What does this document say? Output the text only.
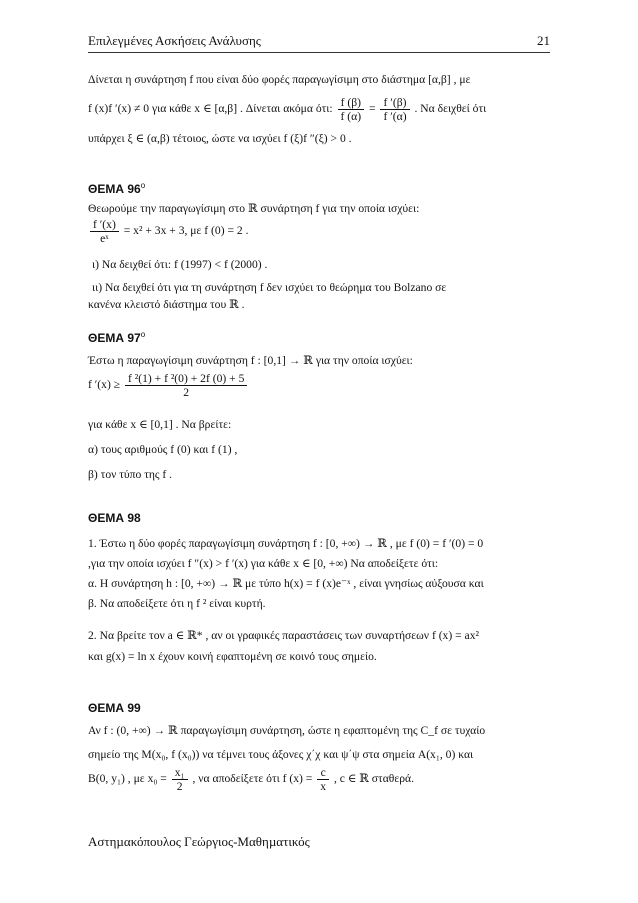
Επιλεγμένες Ασκήσεις Ανάλυσης	21
Δίνεται η συνάρτηση f που είναι δύο φορές παραγωγίσιμη στο διάστημα [α,β] , με
f (x)f ′(x) ≠ 0 για κάθε x ∈ [α,β] . Δίνεται ακόμα ότι: $\frac{f (\beta)}{f (\alpha)} = \frac{f '(\beta)}{f '(\alpha)}$ . Να δειχθεί ότι
υπάρχει ξ ∈ (α,β) τέτοιος, ώστε να ισχύει f (ξ)f ″(ξ) > 0 .
ΘΕΜΑ $96^o$
Θεωρούμε την παραγωγίσιμη στο ℝ συνάρτηση f για την οποία ισχύει:
$\frac{f '(x)}{\text{eˣ}} = x^2 + 3x + 3$, με f (0) = 2 .
ι) Να δειχθεί ότι: f (1997) < f (2000) .
ιι) Να δειχθεί ότι για τη συνάρτηση f δεν ισχύει το θεώρημα του Bolzano σε
κανένα κλειστό διάστημα του ℝ .
ΘΕΜΑ $97^o$
Έστω η παραγωγίσιμη συνάρτηση f : [0,1] → ℝ για την οποία ισχύει:
f $'(x) \ge \frac{\text{f ²(1) + f ²(0) + 2f (0) + 5}}{2}$
για κάθε x ∈ [0,1] . Να βρείτε:
α) τους αριθμούς f (0) και f (1) ,
β) τον τύπο της f .
ΘΕΜΑ 98
1. Έστω η δύο φορές παραγωγίσιμη συνάρτηση f : [0, +∞) → ℝ , με f (0) = f ′(0) = 0
,για την οποία ισχύει f ″(x) > f ′(x) για κάθε x ∈ [0, +∞) Να αποδείξετε ότι:
α. Η συνάρτηση h : [0, +∞) → ℝ με τύπο h(x) = f (x)e⁻ˣ , είναι γνησίως αύξουσα και
β. Να αποδείξετε ότι η f ² είναι κυρτή.
2. Να βρείτε τον a ∈ ℝ* , αν οι γραφικές παραστάσεις των συναρτήσεων f (x) = ax²
και g(x) = ln x έχουν κοινή εφαπτομένη σε κοινό τους σημείο.
ΘΕΜΑ 99
Αν f : (0, +∞) → ℝ παραγωγίσιμη συνάρτηση, ώστε η εφαπτομένη της C_f σε τυχαίο
σημείο της M(x₀, f (x₀)) να τέμνει τους άξονες χ΄χ και ψ΄ψ στα σημεία A(x₁, 0) και
B(0, y₁) , με $x_0 = \frac{\text{x₁}}{2}$ , να αποδείξετε ότι f $(x) = \frac{c}{x}$ , c ∈ ℝ σταθερά.
Αστηµακόπουλος Γεώργιος-Μαθηµατικός
